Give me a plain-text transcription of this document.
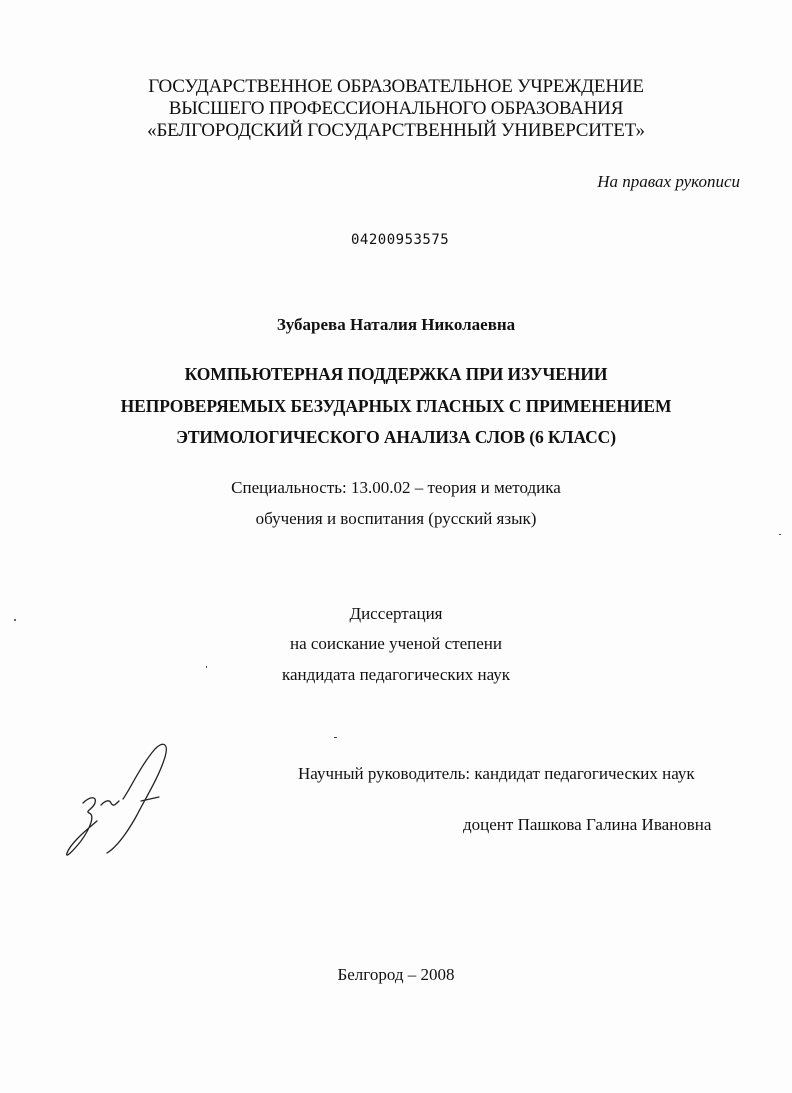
ГОСУДАРСТВЕННОЕ ОБРАЗОВАТЕЛЬНОЕ УЧРЕЖДЕНИЕ
ВЫСШЕГО ПРОФЕССИОНАЛЬНОГО ОБРАЗОВАНИЯ
«БЕЛГОРОДСКИЙ ГОСУДАРСТВЕННЫЙ УНИВЕРСИТЕТ»
На правах рукописи
04200953575
Зубарева Наталия Николаевна
КОМПЬЮТЕРНАЯ ПОДДЕРЖКА ПРИ ИЗУЧЕНИИ
НЕПРОВЕРЯЕМЫХ БЕЗУДАРНЫХ ГЛАСНЫХ С ПРИМЕНЕНИЕМ
ЭТИМОЛОГИЧЕСКОГО АНАЛИЗА СЛОВ (6 КЛАСС)
Специальность: 13.00.02 – теория и методика
обучения и воспитания (русский язык)
Диссертация
на соискание ученой степени
кандидата педагогических наук
Научный руководитель: кандидат педагогических наук
доцент Пашкова Галина Ивановна
Белгород – 2008
